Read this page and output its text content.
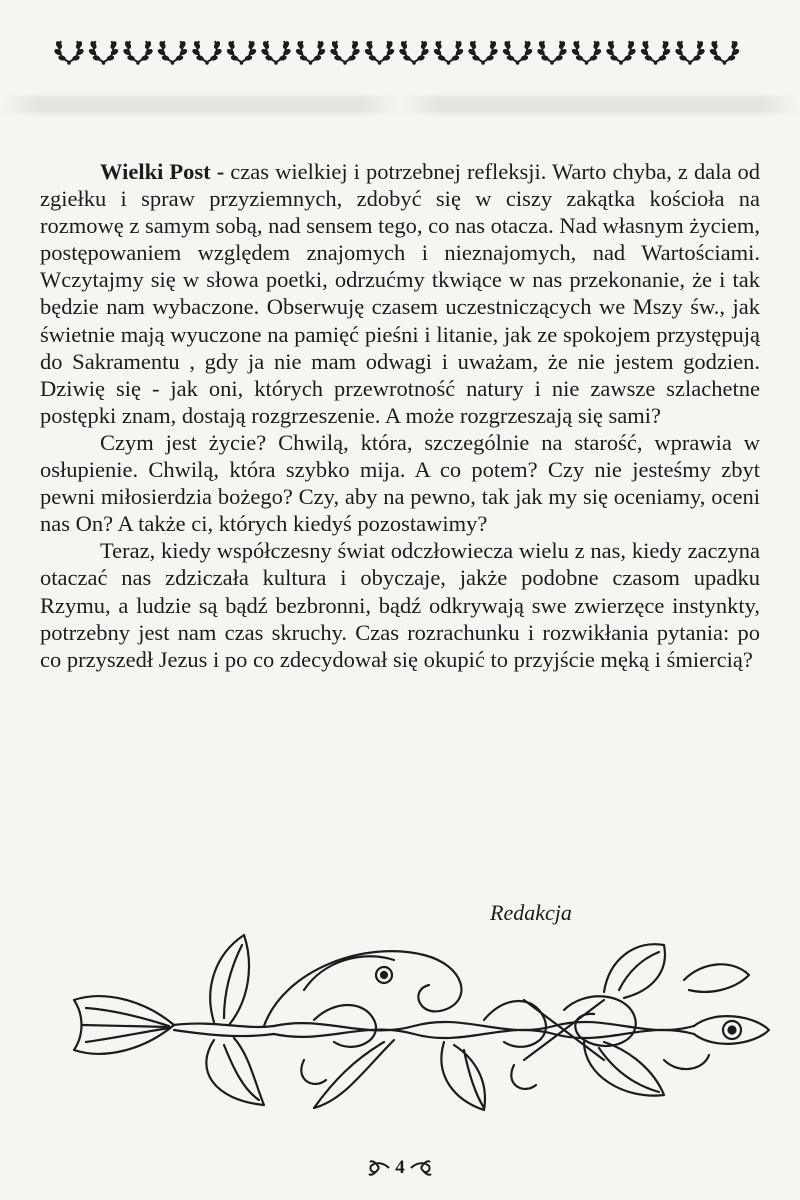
Wielki Post - czas wielkiej i potrzebnej refleksji. Warto chyba, z dala od zgiełku i spraw przyziemnych, zdobyć się w ciszy zakątka kościoła na rozmowę z samym sobą, nad sensem tego, co nas otacza. Nad własnym życiem, postępowaniem względem znajomych i nieznajomych, nad Wartościami. Wczytajmy się w słowa poetki, odrzućmy tkwiące w nas przekonanie, że i tak będzie nam wybaczone. Obserwuję czasem uczestniczących we Mszy św., jak świetnie mają wyuczone na pamięć pieśni i litanie, jak ze spokojem przystępują do Sakramentu , gdy ja nie mam odwagi i uważam, że nie jestem godzien. Dziwię się - jak oni, których przewrotność natury i nie zawsze szlachetne postępki znam, dostają rozgrzeszenie. A może rozgrzeszają się sami?

Czym jest życie? Chwilą, która, szczególnie na starość, wprawia w osłupienie. Chwilą, która szybko mija. A co potem? Czy nie jesteśmy zbyt pewni miłosierdzia bożego? Czy, aby na pewno, tak jak my się oceniamy, oceni nas On? A także ci, których kiedyś pozostawimy?

Teraz, kiedy współczesny świat odczłowiecza wielu z nas, kiedy zaczyna otaczać nas zdziczała kultura i obyczaje, jakże podobne czasom upadku Rzymu, a ludzie są bądź bezbronni, bądź odkrywają swe zwierzęce instynkty, potrzebny jest nam czas skruchy. Czas rozrachunku i rozwikłania pytania: po co przyszedł Jezus i po co zdecydował się okupić to przyjście męką i śmiercią?

Redakcja
4
